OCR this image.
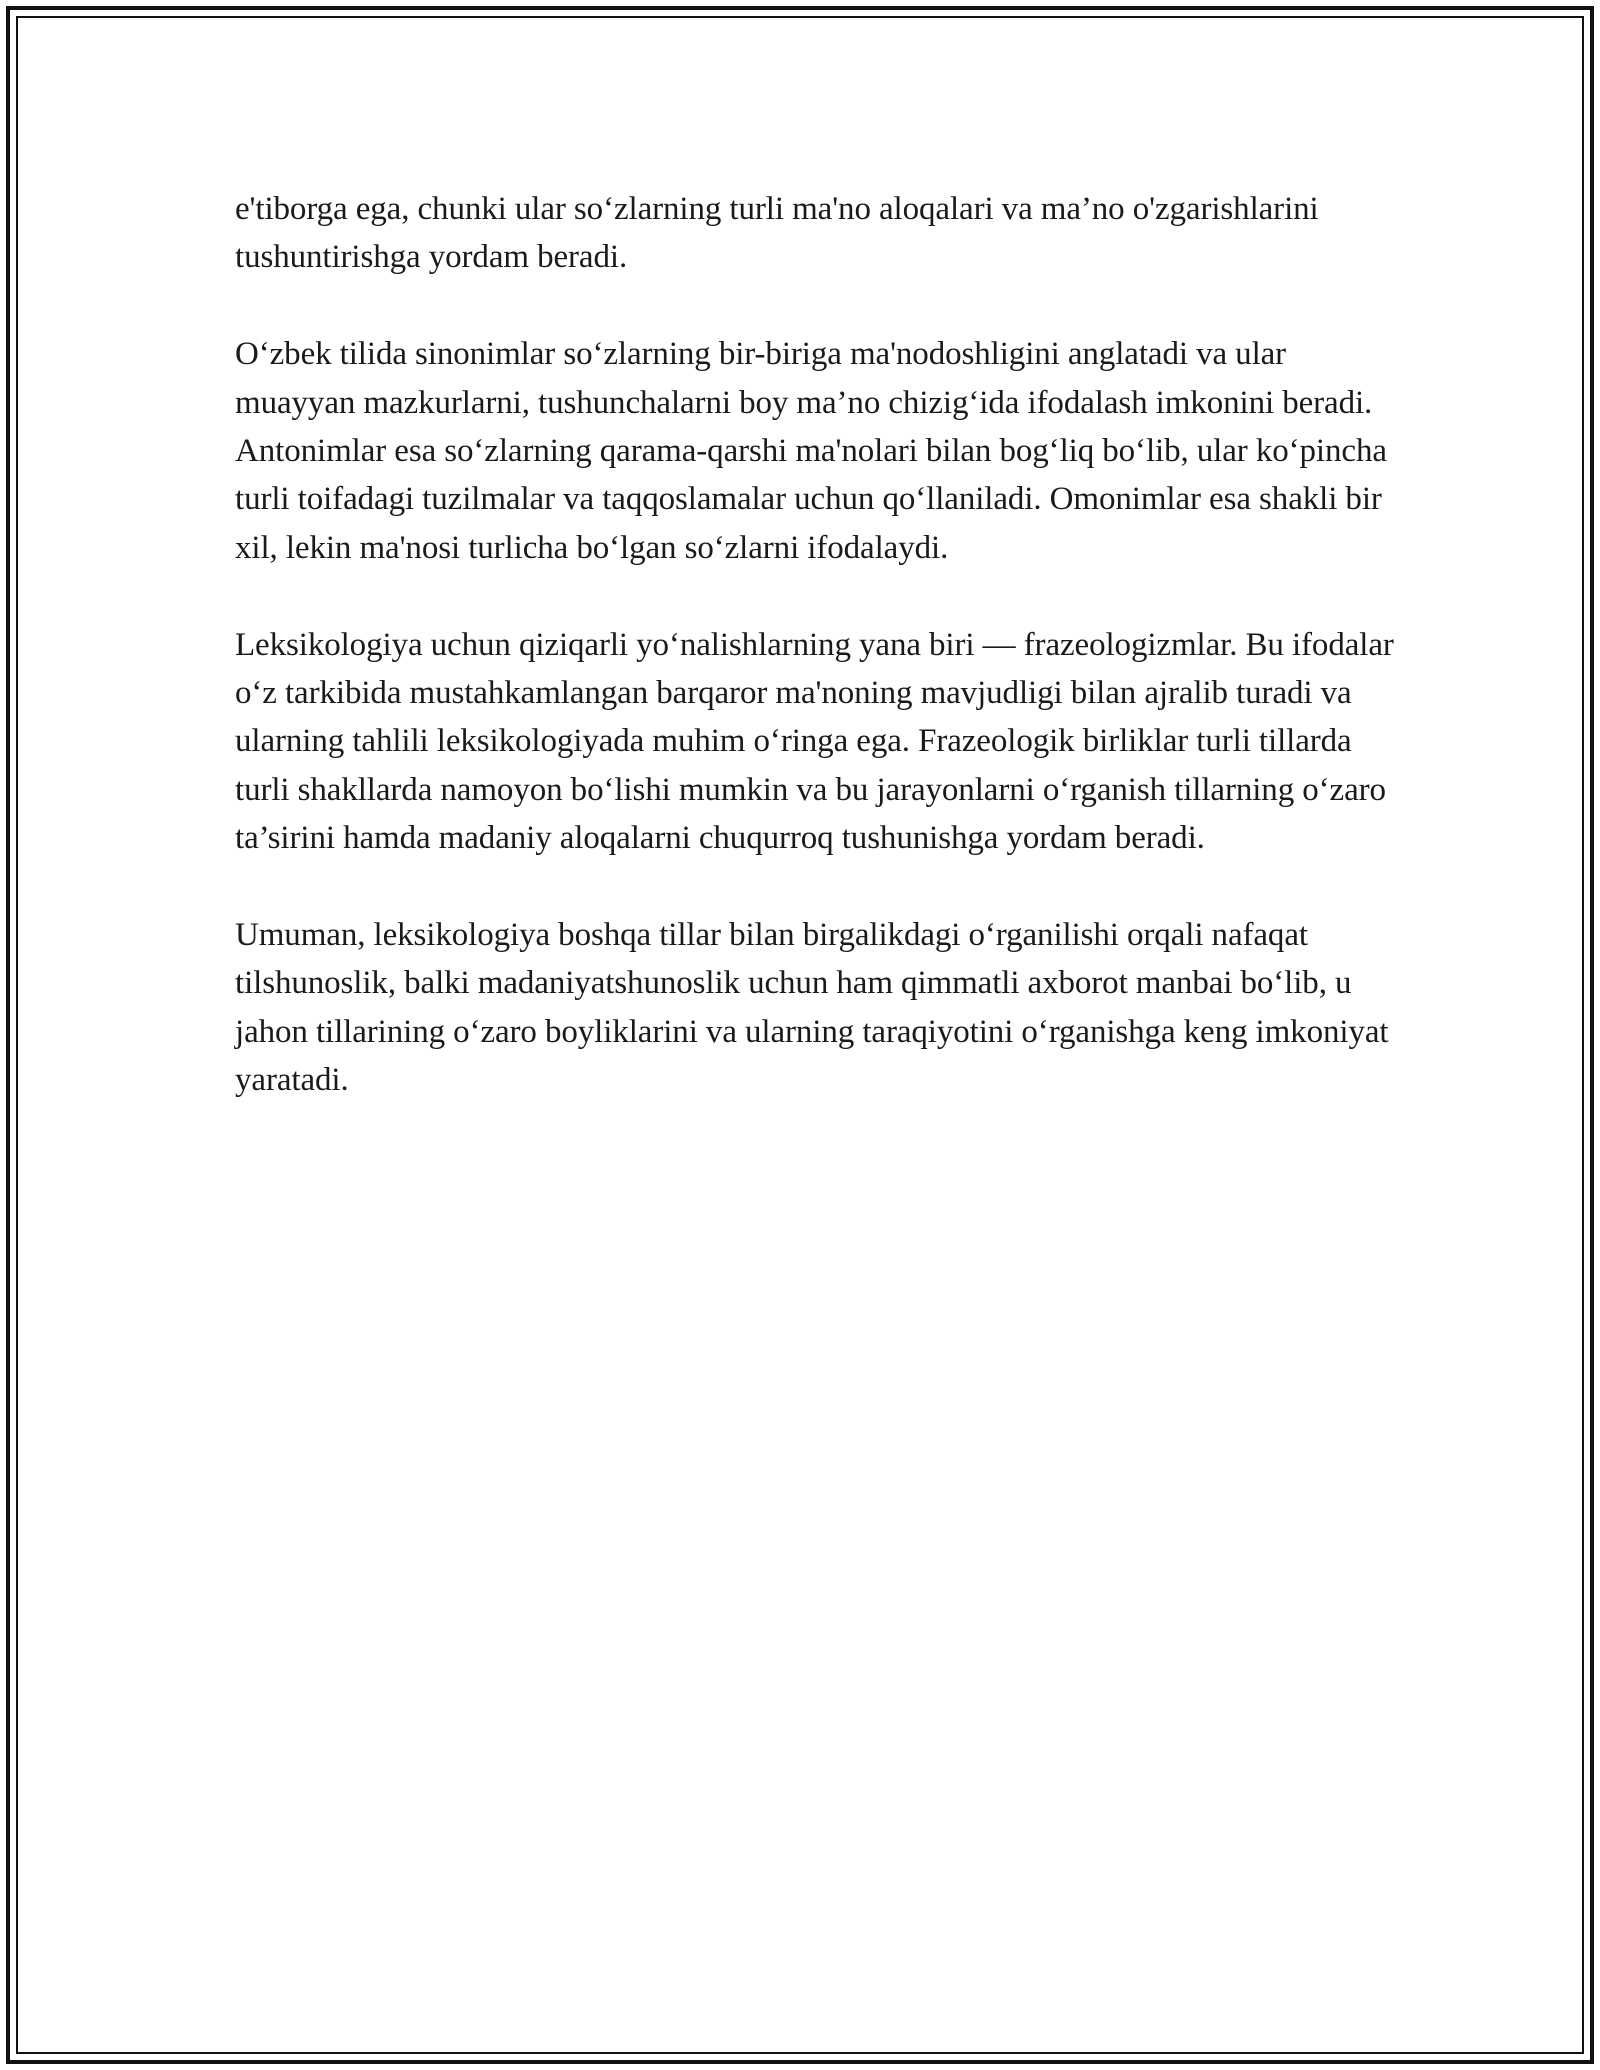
e'tiborga ega, chunki ular so‘zlarning turli ma'no aloqalari va ma’no o'zgarishlarini tushuntirishga yordam beradi.

O‘zbek tilida sinonimlar so‘zlarning bir-biriga ma'nodoshligini anglatadi va ular muayyan mazkurlarni, tushunchalarni boy ma’no chizig‘ida ifodalash imkonini beradi. Antonimlar esa so‘zlarning qarama-qarshi ma'nolari bilan bog‘liq bo‘lib, ular ko‘pincha turli toifadagi tuzilmalar va taqqoslamalar uchun qo‘llaniladi. Omonimlar esa shakli bir xil, lekin ma'nosi turlicha bo‘lgan so‘zlarni ifodalaydi.

Leksikologiya uchun qiziqarli yo‘nalishlarning yana biri — frazeologizmlar. Bu ifodalar o‘z tarkibida mustahkamlangan barqaror ma'noning mavjudligi bilan ajralib turadi va ularning tahlili leksikologiyada muhim o‘ringa ega. Frazeologik birliklar turli tillarda turli shakllarda namoyon bo‘lishi mumkin va bu jarayonlarni o‘rganish tillarning o‘zaro ta’sirini hamda madaniy aloqalarni chuqurroq tushunishga yordam beradi.

Umuman, leksikologiya boshqa tillar bilan birgalikdagi o‘rganilishi orqali nafaqat tilshunoslik, balki madaniyatshunoslik uchun ham qimmatli axborot manbai bo‘lib, u jahon tillarining o‘zaro boyliklarini va ularning taraqiyotini o‘rganishga keng imkoniyat yaratadi.
